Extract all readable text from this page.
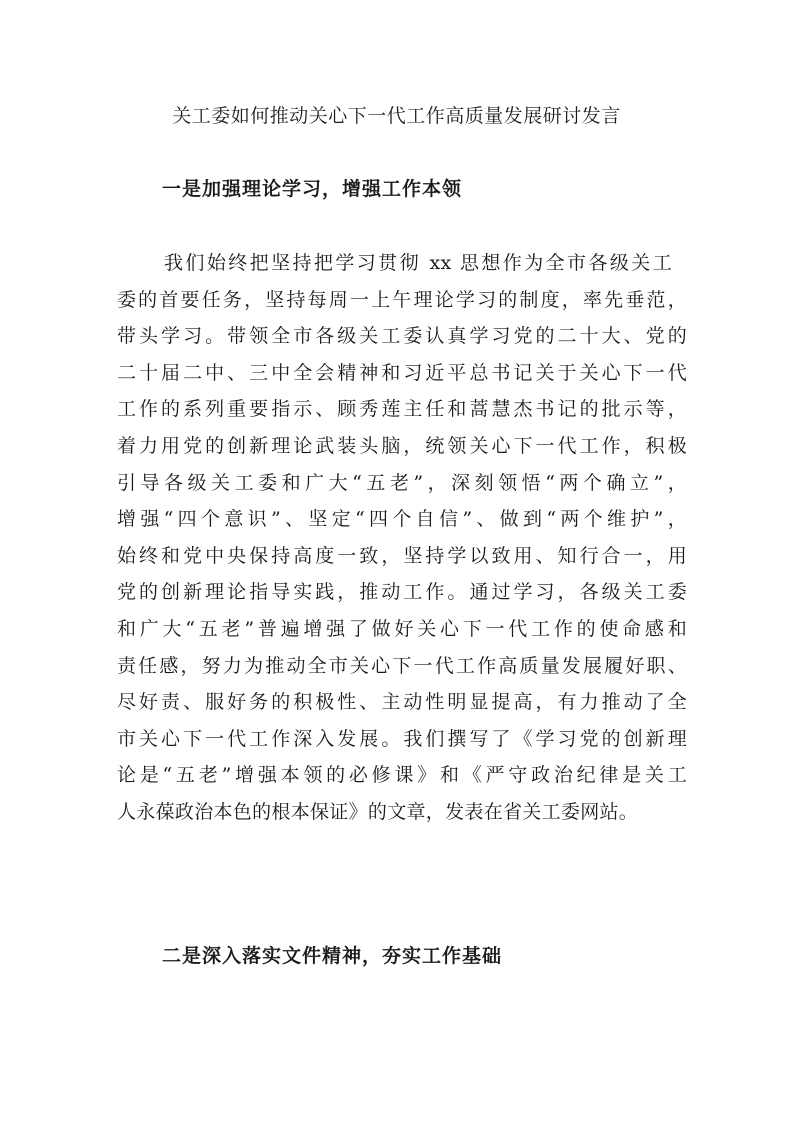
关工委如何推动关心下一代工作高质量发展研讨发言
一是加强理论学习，增强工作本领
我们始终把坚持把学习贯彻 xx 思想作为全市各级关工
委的首要任务，坚持每周一上午理论学习的制度，率先垂范，
带头学习。带领全市各级关工委认真学习党的二十大、党的
二十届二中、三中全会精神和习近平总书记关于关心下一代
工作的系列重要指示、顾秀莲主任和蒿慧杰书记的批示等，
着力用党的创新理论武装头脑，统领关心下一代工作，积极
引导各级关工委和广大“五老”，深刻领悟“两个确立”，
增强“四个意识”、坚定“四个自信”、做到“两个维护”，
始终和党中央保持高度一致，坚持学以致用、知行合一，用
党的创新理论指导实践，推动工作。通过学习，各级关工委
和广大“五老”普遍增强了做好关心下一代工作的使命感和
责任感，努力为推动全市关心下一代工作高质量发展履好职、
尽好责、服好务的积极性、主动性明显提高，有力推动了全
市关心下一代工作深入发展。我们撰写了《学习党的创新理
论是“五老”增强本领的必修课》和《严守政治纪律是关工
人永葆政治本色的根本保证》的文章，发表在省关工委网站。
二是深入落实文件精神，夯实工作基础
